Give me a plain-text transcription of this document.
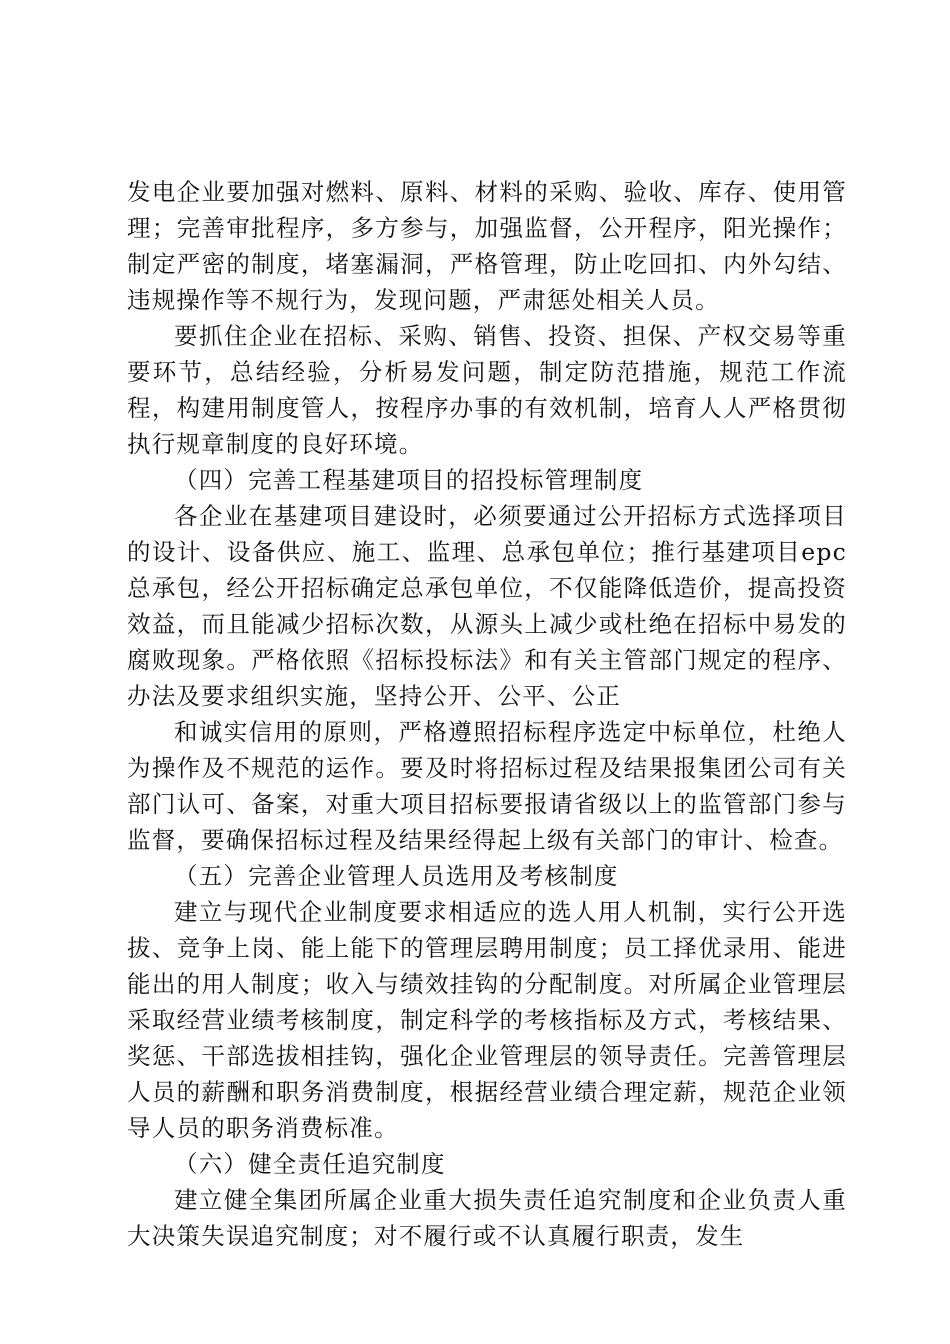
发电企业要加强对燃料、原料、材料的采购、验收、库存、使用管理；完善审批程序，多方参与，加强监督，公开程序，阳光操作；制定严密的制度，堵塞漏洞，严格管理，防止吃回扣、内外勾结、违规操作等不规行为，发现问题，严肃惩处相关人员。

要抓住企业在招标、采购、销售、投资、担保、产权交易等重要环节，总结经验，分析易发问题，制定防范措施，规范工作流程，构建用制度管人，按程序办事的有效机制，培育人人严格贯彻执行规章制度的良好环境。

（四）完善工程基建项目的招投标管理制度

各企业在基建项目建设时，必须要通过公开招标方式选择项目的设计、设备供应、施工、监理、总承包单位；推行基建项目epc总承包，经公开招标确定总承包单位，不仅能降低造价，提高投资效益，而且能减少招标次数，从源头上减少或杜绝在招标中易发的腐败现象。严格依照《招标投标法》和有关主管部门规定的程序、办法及要求组织实施，坚持公开、公平、公正

和诚实信用的原则，严格遵照招标程序选定中标单位，杜绝人为操作及不规范的运作。要及时将招标过程及结果报集团公司有关部门认可、备案，对重大项目招标要报请省级以上的监管部门参与监督，要确保招标过程及结果经得起上级有关部门的审计、检查。

（五）完善企业管理人员选用及考核制度

建立与现代企业制度要求相适应的选人用人机制，实行公开选拔、竞争上岗、能上能下的管理层聘用制度；员工择优录用、能进能出的用人制度；收入与绩效挂钩的分配制度。对所属企业管理层采取经营业绩考核制度，制定科学的考核指标及方式，考核结果、奖惩、干部选拔相挂钩，强化企业管理层的领导责任。完善管理层人员的薪酬和职务消费制度，根据经营业绩合理定薪，规范企业领导人员的职务消费标准。

（六）健全责任追究制度

建立健全集团所属企业重大损失责任追究制度和企业负责人重大决策失误追究制度；对不履行或不认真履行职责，发生
